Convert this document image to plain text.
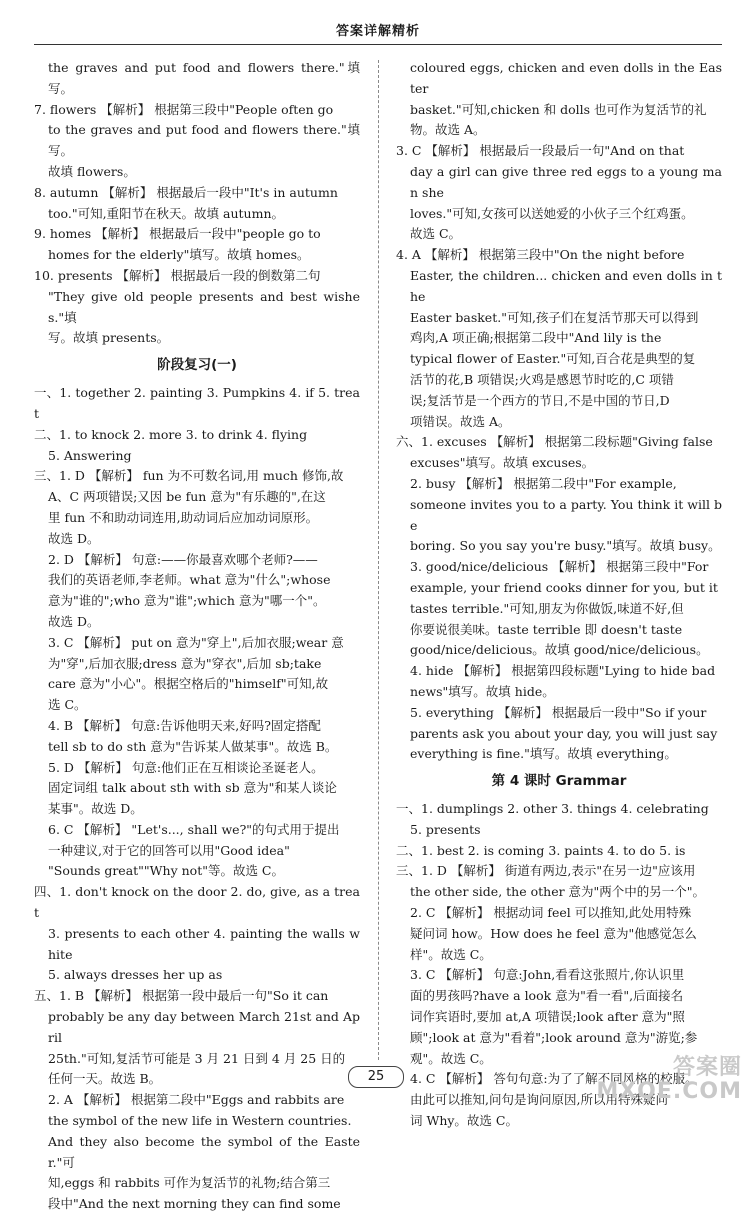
答案详解精析

the graves and put food and flowers there."填写。

7. flowers 【解析】 根据第三段中"People often go

to the graves and put food and flowers there."填写。

故填 flowers。

8. autumn 【解析】 根据最后一段中"It's in autumn

too."可知,重阳节在秋天。故填 autumn。

9. homes 【解析】 根据最后一段中"people go to

homes for the elderly"填写。故填 homes。

10. presents 【解析】 根据最后一段的倒数第二句

"They give old people presents and best wishes."填

写。故填 presents。

阶段复习(一)

一、1. together 2. painting 3. Pumpkins 4. if 5. treat

二、1. to knock 2. more 3. to drink 4. flying

5. Answering

三、1. D 【解析】 fun 为不可数名词,用 much 修饰,故

A、C 两项错误;又因 be fun 意为"有乐趣的",在这

里 fun 不和助动词连用,助动词后应加动词原形。

故选 D。

2. D 【解析】 句意:——你最喜欢哪个老师?——

我们的英语老师,李老师。what 意为"什么";whose

意为"谁的";who 意为"谁";which 意为"哪一个"。

故选 D。

3. C 【解析】 put on 意为"穿上",后加衣服;wear 意

为"穿",后加衣服;dress 意为"穿衣",后加 sb;take

care 意为"小心"。根据空格后的"himself"可知,故

选 C。

4. B 【解析】 句意:告诉他明天来,好吗?固定搭配

tell sb to do sth 意为"告诉某人做某事"。故选 B。

5. D 【解析】 句意:他们正在互相谈论圣诞老人。

固定词组 talk about sth with sb 意为"和某人谈论

某事"。故选 D。

6. C 【解析】 "Let's..., shall we?"的句式用于提出

一种建议,对于它的回答可以用"Good idea"

"Sounds great""Why not"等。故选 C。

四、1. don't knock on the door 2. do, give, as a treat

3. presents to each other 4. painting the walls white

5. always dresses her up as

五、1. B 【解析】 根据第一段中最后一句"So it can

probably be any day between March 21st and April

25th."可知,复活节可能是 3 月 21 日到 4 月 25 日的

任何一天。故选 B。

2. A 【解析】 根据第二段中"Eggs and rabbits are

the symbol of the new life in Western countries.

And they also become the symbol of the Easter."可

知,eggs 和 rabbits 可作为复活节的礼物;结合第三

段中"And the next morning they can find some

coloured eggs, chicken and even dolls in the Easter

basket."可知,chicken 和 dolls 也可作为复活节的礼

物。故选 A。

3. C 【解析】 根据最后一段最后一句"And on that

day a girl can give three red eggs to a young man she

loves."可知,女孩可以送她爱的小伙子三个红鸡蛋。

故选 C。

4. A 【解析】 根据第三段中"On the night before

Easter, the children... chicken and even dolls in the

Easter basket."可知,孩子们在复活节那天可以得到

鸡肉,A 项正确;根据第二段中"And lily is the

typical flower of Easter."可知,百合花是典型的复

活节的花,B 项错误;火鸡是感恩节时吃的,C 项错

误;复活节是一个西方的节日,不是中国的节日,D

项错误。故选 A。

六、1. excuses 【解析】 根据第二段标题"Giving false

excuses"填写。故填 excuses。

2. busy 【解析】 根据第二段中"For example,

someone invites you to a party. You think it will be

boring. So you say you're busy."填写。故填 busy。

3. good/nice/delicious 【解析】 根据第三段中"For

example, your friend cooks dinner for you, but it

tastes terrible."可知,朋友为你做饭,味道不好,但

你要说很美味。taste terrible 即 doesn't taste

good/nice/delicious。故填 good/nice/delicious。

4. hide 【解析】 根据第四段标题"Lying to hide bad

news"填写。故填 hide。

5. everything 【解析】 根据最后一段中"So if your

parents ask you about your day, you will just say

everything is fine."填写。故填 everything。

第 4 课时 Grammar

一、1. dumplings 2. other 3. things 4. celebrating

5. presents

二、1. best 2. is coming 3. paints 4. to do 5. is

三、1. D 【解析】 街道有两边,表示"在另一边"应该用

the other side, the other 意为"两个中的另一个"。

2. C 【解析】 根据动词 feel 可以推知,此处用特殊

疑问词 how。How does he feel 意为"他感觉怎么

样"。故选 C。

3. C 【解析】 句意:John,看看这张照片,你认识里

面的男孩吗?have a look 意为"看一看",后面接名

词作宾语时,要加 at,A 项错误;look after 意为"照

顾";look at 意为"看着";look around 意为"游览;参

观"。故选 C。

4. C 【解析】 答句句意:为了了解不同风格的校服。

由此可以推知,问句是询问原因,所以用特殊疑问

词 Why。故选 C。

25	答案圈
MXQE.COM
